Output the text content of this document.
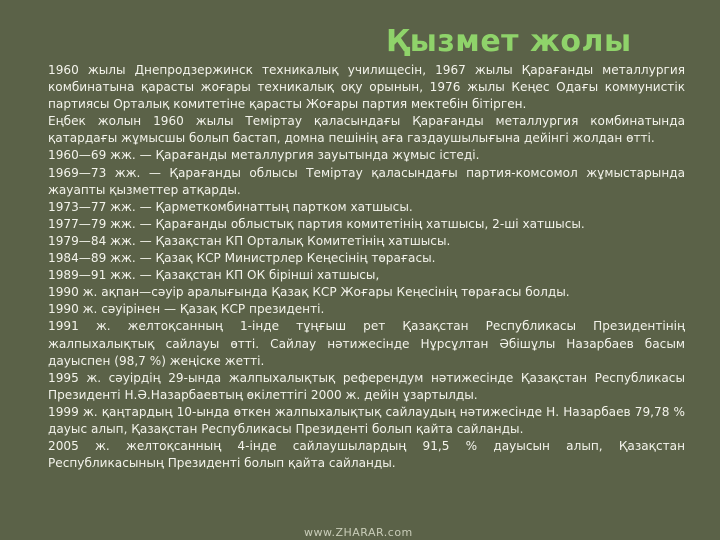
Қызмет жолы

1960 жылы Днепродзержинск техникалық училищесін, 1967 жылы Қарағанды металлургия комбинатына қарасты жоғары техникалық оқу орынын, 1976 жылы Кеңес Одағы коммунистік партиясы Орталық комитетіне қарасты Жоғары партия мектебін бітірген.

Еңбек жолын 1960 жылы Теміртау қаласындағы Қарағанды металлургия комбинатында қатардағы жұмысшы болып бастап, домна пешінің аға газдаушылығына дейінгі жолдан өтті.

1960—69 жж. — Қарағанды металлургия зауытында жұмыс істеді.

1969—73 жж. — Қарағанды облысы Теміртау қаласындағы партия-комсомол жұмыстарында жауапты қызметтер атқарды.

1973—77 жж. — Қарметкомбинаттың партком хатшысы.

1977—79 жж. — Қарағанды облыстық партия комитетінің хатшысы, 2-ші хатшысы.

1979—84 жж. — Қазақстан КП Орталық Комитетінің хатшысы.

1984—89 жж. — Қазақ КСР Министрлер Кеңесінің төрағасы.

1989—91 жж. — Қазақстан КП ОК бірінші хатшысы,

1990 ж. ақпан—сәуір аралығында Қазақ КСР Жоғары Кеңесінің төрағасы болды.

1990 ж. сәуірінен — Қазақ КСР президенті.

1991 ж. желтоқсанның 1-інде тұңғыш рет Қазақстан Республикасы Президентінің жалпыхалықтық сайлауы өтті. Сайлау нәтижесінде Нұрсұлтан Әбішұлы Назарбаев басым дауыспен (98,7 %) жеңіске жетті.

1995 ж. сәуірдің 29-ында жалпыхалықтық референдум нәтижесінде Қазақстан Республикасы Президенті Н.Ә.Назарбаевтың өкілеттігі 2000 ж. дейін ұзартылды.

1999 ж. қаңтардың 10-ында өткен жалпыхалықтық сайлаудың нәтижесінде Н. Назарбаев 79,78 % дауыс алып, Қазақстан Республикасы Президенті болып қайта сайланды.

2005 ж. желтоқсанның 4-інде сайлаушылардың 91,5 % дауысын алып, Қазақстан Республикасының Президенті болып қайта сайланды.

www.ZHARAR.com
